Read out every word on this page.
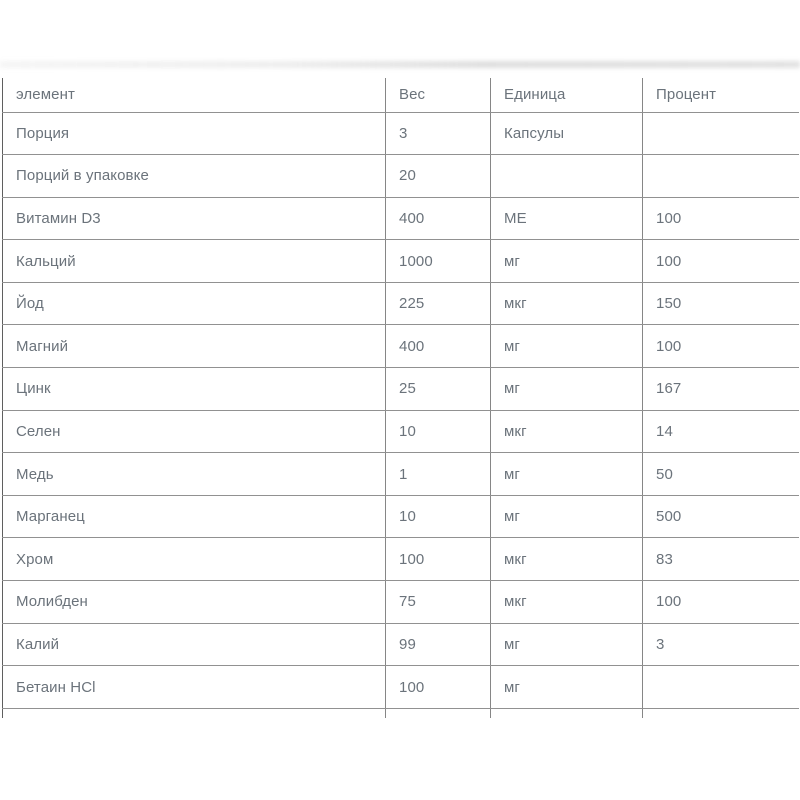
элемент	Вес	Единица	Процент
Порция	3	Капсулы	
Порций в упаковке	20		
Витамин D3	400	МЕ	100
Кальций	1000	мг	100
Йод	225	мкг	150
Магний	400	мг	100
Цинк	25	мг	167
Селен	10	мкг	14
Медь	1	мг	50
Марганец	10	мг	500
Хром	100	мкг	83
Молибден	75	мкг	100
Калий	99	мг	3
Бетаин HCl	100	мг	
